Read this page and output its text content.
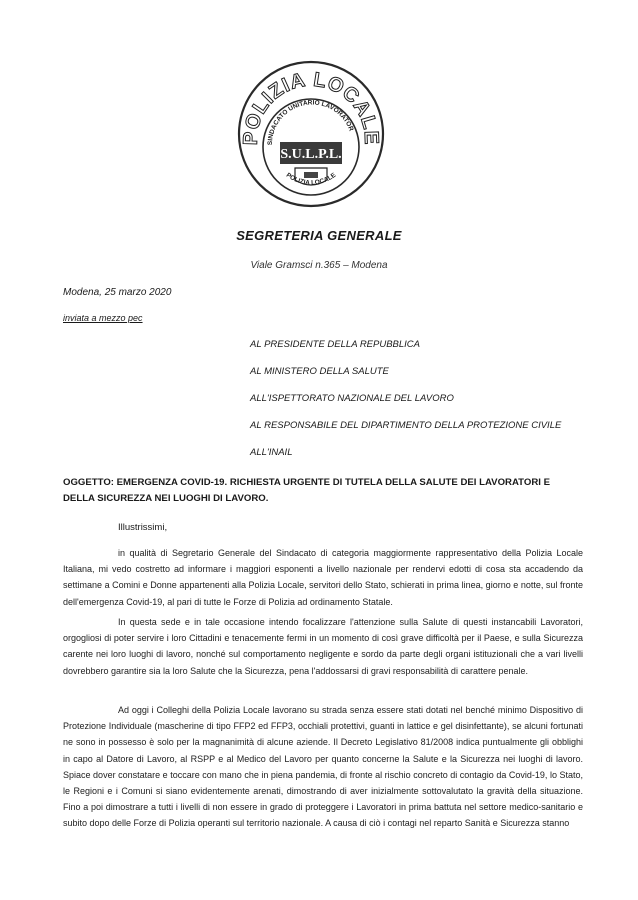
POLIZIA LOCALE
SINDACATO UNITARIO LAVORATOR
POLIZIA LOCALE
S.U.L.P.L.
SEGRETERIA GENERALE
Viale Gramsci n.365 – Modena
Modena, 25 marzo 2020
inviata a mezzo pec
AL PRESIDENTE DELLA REPUBBLICA
AL MINISTERO DELLA SALUTE
ALL'ISPETTORATO NAZIONALE DEL LAVORO
AL RESPONSABILE DEL DIPARTIMENTO DELLA PROTEZIONE CIVILE
ALL'INAIL
OGGETTO: EMERGENZA COVID-19. RICHIESTA URGENTE DI TUTELA DELLA SALUTE DEI LAVORATORI E DELLA SICUREZZA NEI LUOGHI DI LAVORO.
Illustrissimi,

in qualità di Segretario Generale del Sindacato di categoria maggiormente rappresentativo della Polizia Locale Italiana, mi vedo costretto ad informare i maggiori esponenti a livello nazionale per rendervi edotti di cosa sta accadendo da settimane a Comini e Donne appartenenti alla Polizia Locale, servitori dello Stato, schierati in prima linea, giorno e notte, sul fronte dell'emergenza Covid-19, al pari di tutte le Forze di Polizia ad ordinamento Statale.

In questa sede e in tale occasione intendo focalizzare l'attenzione sulla Salute di questi instancabili Lavoratori, orgogliosi di poter servire i loro Cittadini e tenacemente fermi in un momento di così grave difficoltà per il Paese, e sulla Sicurezza carente nei loro luoghi di lavoro, nonché sul comportamento negligente e sordo da parte degli organi istituzionali che a vari livelli dovrebbero garantire sia la loro Salute che la Sicurezza, pena l'addossarsi di gravi responsabilità di carattere penale.

Ad oggi i Colleghi della Polizia Locale lavorano su strada senza essere stati dotati nel benché minimo Dispositivo di Protezione Individuale (mascherine di tipo FFP2 ed FFP3, occhiali protettivi, guanti in lattice e gel disinfettante), se alcuni fortunati ne sono in possesso è solo per la magnanimità di alcune aziende. Il Decreto Legislativo 81/2008 indica puntualmente gli obblighi in capo al Datore di Lavoro, al RSPP e al Medico del Lavoro per quanto concerne la Salute e la Sicurezza nei luoghi di lavoro. Spiace dover constatare e toccare con mano che in piena pandemia, di fronte al rischio concreto di contagio da Covid-19, lo Stato, le Regioni e i Comuni si siano evidentemente arenati, dimostrando di aver inizialmente sottovalutato la gravità della situazione. Fino a poi dimostrare a tutti i livelli di non essere in grado di proteggere i Lavoratori in prima battuta nel settore medico-sanitario e subito dopo delle Forze di Polizia operanti sul territorio nazionale. A causa di ciò i contagi nel reparto Sanità e Sicurezza stanno
